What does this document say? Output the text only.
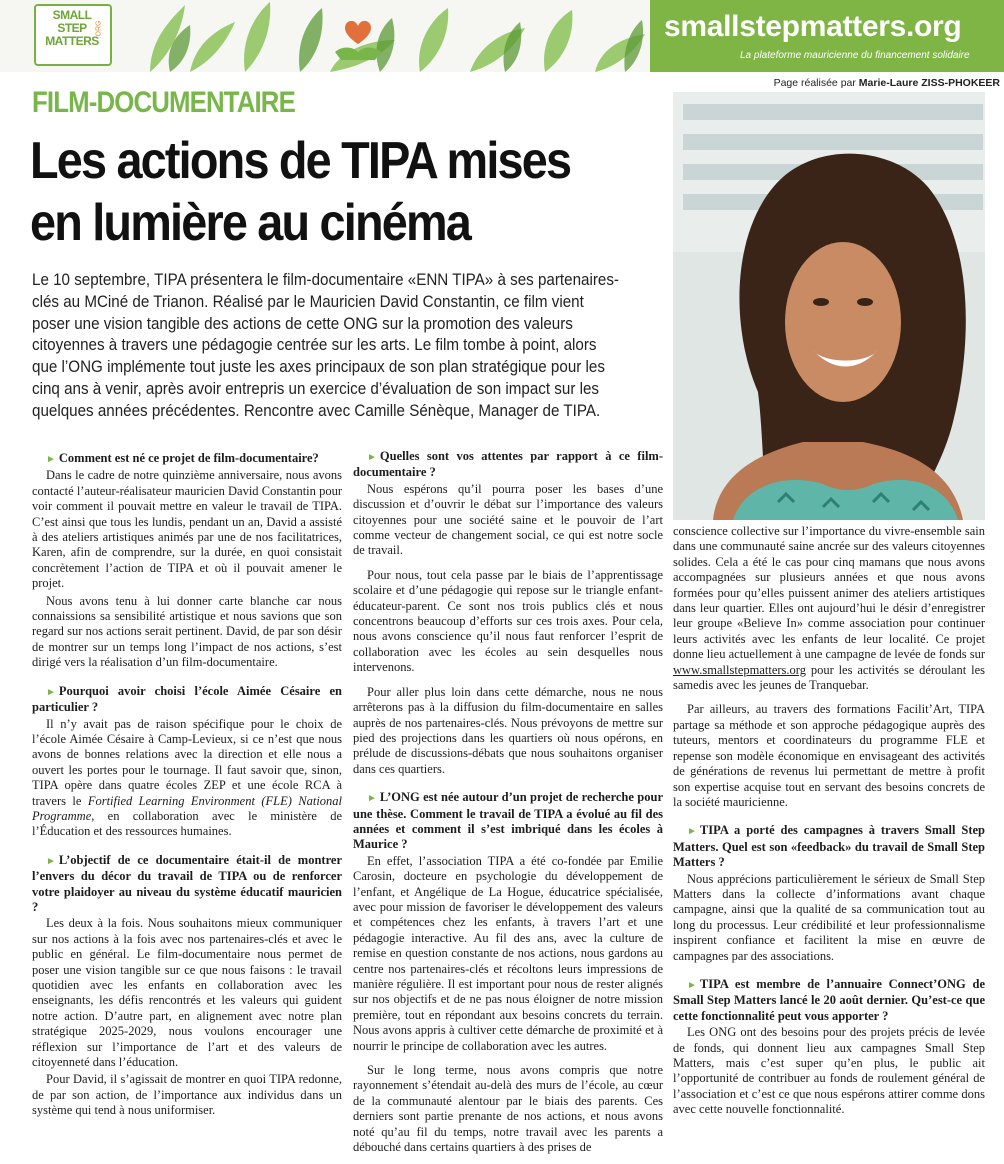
SMALL STEP MATTERS
.ORG	smallstepmatters.org
La plateforme mauricienne du financement solidaire
Page réalisée par Marie-Laure ZISS-PHOKEER
FILM-DOCUMENTAIRE
Les actions de TIPA mises en lumière au cinéma

Le 10 septembre, TIPA présentera le film-documentaire «ENN TIPA» à ses partenaires-clés au MCiné de Trianon. Réalisé par le Mauricien David Constantin, ce film vient poser une vision tangible des actions de cette ONG sur la promotion des valeurs citoyennes à travers une pédagogie centrée sur les arts. Le film tombe à point, alors que l’ONG implémente tout juste les axes principaux de son plan stratégique pour les cinq ans à venir, après avoir entrepris un exercice d’évaluation de son impact sur les quelques années précédentes. Rencontre avec Camille Sénèque, Manager de TIPA.

► Comment est né ce projet de film-documentaire?

Dans le cadre de notre quinzième anniversaire, nous avons contacté l’auteur-réalisateur mauricien David Constantin pour voir comment il pouvait mettre en valeur le travail de TIPA. C’est ainsi que tous les lundis, pendant un an, David a assisté à des ateliers artistiques animés par une de nos facilitatrices, Karen, afin de comprendre, sur la durée, en quoi consistait concrètement l’action de TIPA et où il pouvait amener le projet.

Nous avons tenu à lui donner carte blanche car nous connaissions sa sensibilité artistique et nous savions que son regard sur nos actions serait pertinent. David, de par son désir de montrer sur un temps long l’impact de nos actions, s’est dirigé vers la réalisation d’un film-documentaire.

► Pourquoi avoir choisi l’école Aimée Césaire en particulier ?

Il n’y avait pas de raison spécifique pour le choix de l’école Aimée Césaire à Camp-Levieux, si ce n’est que nous avons de bonnes relations avec la direction et elle nous a ouvert les portes pour le tournage. Il faut savoir que, sinon, TIPA opère dans quatre écoles ZEP et une école RCA à travers le Fortified Learning Environment (FLE) National Programme, en collaboration avec le ministère de l’Éducation et des ressources humaines.

► L’objectif de ce documentaire était-il de montrer l’envers du décor du travail de TIPA ou de renforcer votre plaidoyer au niveau du système éducatif mauricien ?

Les deux à la fois. Nous souhaitons mieux communiquer sur nos actions à la fois avec nos partenaires-clés et avec le public en général. Le film-documentaire nous permet de poser une vision tangible sur ce que nous faisons : le travail quotidien avec les enfants en collaboration avec les enseignants, les défis rencontrés et les valeurs qui guident notre action. D’autre part, en alignement avec notre plan stratégique 2025-2029, nous voulons encourager une réflexion sur l’importance de l’art et des valeurs de citoyenneté dans l’éducation.

Pour David, il s’agissait de montrer en quoi TIPA redonne, de par son action, de l’importance aux individus dans un système qui tend à nous uniformiser.

► Quelles sont vos attentes par rapport à ce film-documentaire ?

Nous espérons qu’il pourra poser les bases d’une discussion et d’ouvrir le débat sur l’importance des valeurs citoyennes pour une société saine et le pouvoir de l’art comme vecteur de changement social, ce qui est notre socle de travail.

Pour nous, tout cela passe par le biais de l’apprentissage scolaire et d’une pédagogie qui repose sur le triangle enfant-éducateur-parent. Ce sont nos trois publics clés et nous concentrons beaucoup d’efforts sur ces trois axes. Pour cela, nous avons conscience qu’il nous faut renforcer l’esprit de collaboration avec les écoles au sein desquelles nous intervenons.

Pour aller plus loin dans cette démarche, nous ne nous arrêterons pas à la diffusion du film-documentaire en salles auprès de nos partenaires-clés. Nous prévoyons de mettre sur pied des projections dans les quartiers où nous opérons, en prélude de discussions-débats que nous souhaitons organiser dans ces quartiers.

► L’ONG est née autour d’un projet de recherche pour une thèse. Comment le travail de TIPA a évolué au fil des années et comment il s’est imbriqué dans les écoles à Maurice ?

En effet, l’association TIPA a été co-fondée par Emilie Carosin, docteure en psychologie du développement de l’enfant, et Angélique de La Hogue, éducatrice spécialisée, avec pour mission de favoriser le développement des valeurs et compétences chez les enfants, à travers l’art et une pédagogie interactive. Au fil des ans, avec la culture de remise en question constante de nos actions, nous gardons au centre nos partenaires-clés et récoltons leurs impressions de manière régulière. Il est important pour nous de rester alignés sur nos objectifs et de ne pas nous éloigner de notre mission première, tout en répondant aux besoins concrets du terrain. Nous avons appris à cultiver cette démarche de proximité et à nourrir le principe de collaboration avec les autres.

Sur le long terme, nous avons compris que notre rayonnement s’étendait au-delà des murs de l’école, au cœur de la communauté alentour par le biais des parents. Ces derniers sont partie prenante de nos actions, et nous avons noté qu’au fil du temps, notre travail avec les parents a débouché dans certains quartiers à des prises de

conscience collective sur l’importance du vivre-ensemble sain dans une communauté saine ancrée sur des valeurs citoyennes solides. Cela a été le cas pour cinq mamans que nous avons accompagnées sur plusieurs années et que nous avons formées pour qu’elles puissent animer des ateliers artistiques dans leur quartier. Elles ont aujourd’hui le désir d’enregistrer leur groupe «Believe In» comme association pour continuer leurs activités avec les enfants de leur localité. Ce projet donne lieu actuellement à une campagne de levée de fonds sur www.smallstepmatters.org pour les activités se déroulant les samedis avec les jeunes de Tranquebar.

Par ailleurs, au travers des formations Facilit’Art, TIPA partage sa méthode et son approche pédagogique auprès des tuteurs, mentors et coordinateurs du programme FLE et repense son modèle économique en envisageant des activités de générations de revenus lui permettant de mettre à profit son expertise acquise tout en servant des besoins concrets de la société mauricienne.

► TIPA a porté des campagnes à travers Small Step Matters. Quel est son «feedback» du travail de Small Step Matters ?

Nous apprécions particulièrement le sérieux de Small Step Matters dans la collecte d’informations avant chaque campagne, ainsi que la qualité de sa communication tout au long du processus. Leur crédibilité et leur professionnalisme inspirent confiance et facilitent la mise en œuvre de campagnes par des associations.

► TIPA est membre de l’annuaire Connect’ONG de Small Step Matters lancé le 20 août dernier. Qu’est-ce que cette fonctionnalité peut vous apporter ?

Les ONG ont des besoins pour des projets précis de levée de fonds, qui donnent lieu aux campagnes Small Step Matters, mais c’est super qu’en plus, le public ait l’opportunité de contribuer au fonds de roulement général de l’association et c’est ce que nous espérons attirer comme dons avec cette nouvelle fonctionnalité.
